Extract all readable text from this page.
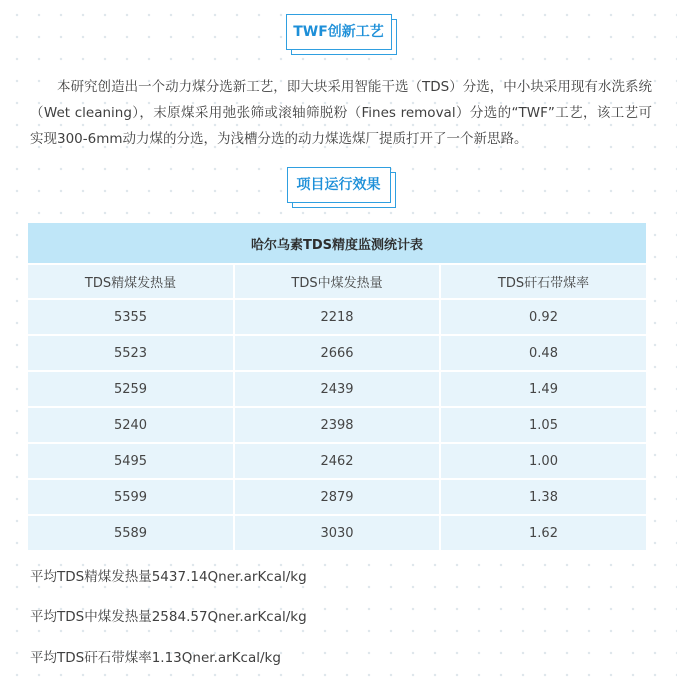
TWF创新工艺

本研究创造出一个动力煤分选新工艺，即大块采用智能干选（TDS）分选，中小块采用现有水洗系统（Wet cleaning），末原煤采用弛张筛或滚轴筛脱粉（Fines removal）分选的“TWF”工艺，该工艺可实现300-6mm动力煤的分选，为浅槽分选的动力煤选煤厂提质打开了一个新思路。

项目运行效果
哈尔乌素TDS精度监测统计表		
TDS精煤发热量	TDS中煤发热量	TDS矸石带煤率
5355	2218	0.92
5523	2666	0.48
5259	2439	1.49
5240	2398	1.05
5495	2462	1.00
5599	2879	1.38
5589	3030	1.62

平均TDS精煤发热量5437.14Qner.arKcal/kg

平均TDS中煤发热量2584.57Qner.arKcal/kg

平均TDS矸石带煤率1.13Qner.arKcal/kg
